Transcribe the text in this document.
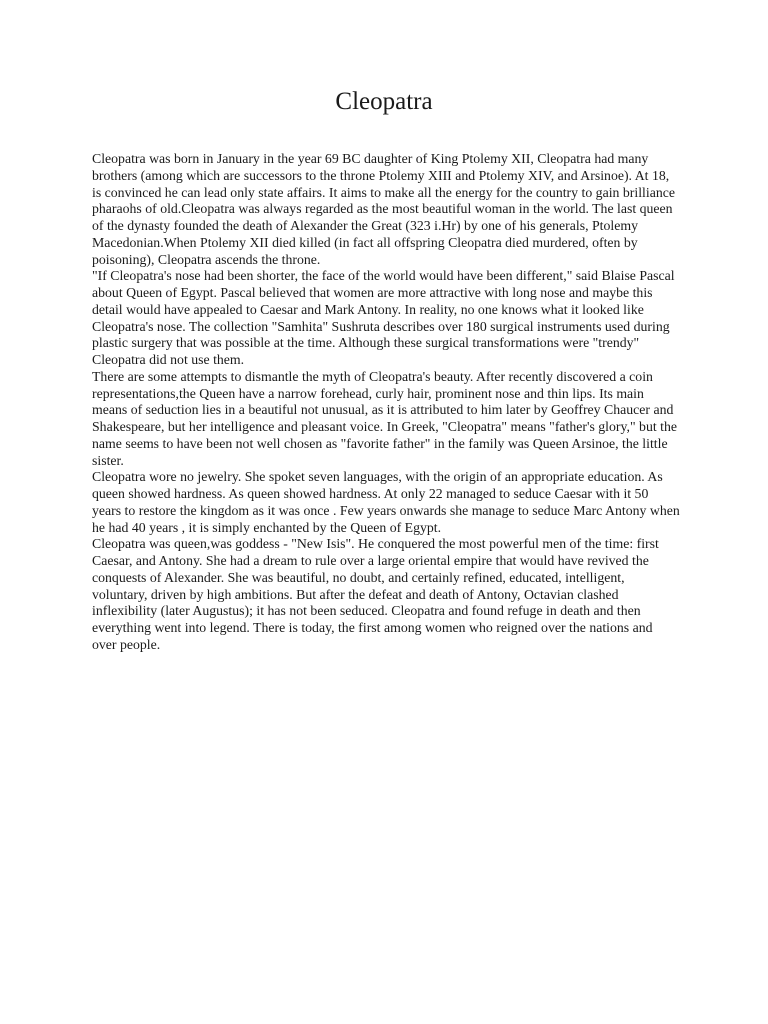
Cleopatra

Cleopatra was born in January in the year 69 BC daughter of King Ptolemy XII, Cleopatra had many brothers (among which are successors to the throne Ptolemy XIII and Ptolemy XIV, and Arsinoe). At 18, is convinced he can lead only state affairs. It aims to make all the energy for the country to gain brilliance pharaohs of old.Cleopatra was always regarded as the most beautiful woman in the world. The last queen of the dynasty founded the death of Alexander the Great (323 i.Hr) by one of his generals, Ptolemy Macedonian.When Ptolemy XII died killed (in fact all offspring Cleopatra died murdered, often by poisoning), Cleopatra ascends the throne.

"If Cleopatra's nose had been shorter, the face of the world would have been different," said Blaise Pascal about Queen of Egypt. Pascal believed that women are more attractive with long nose and maybe this detail would have appealed to Caesar and Mark Antony. In reality, no one knows what it looked like Cleopatra's nose. The collection "Samhita" Sushruta describes over 180 surgical instruments used during plastic surgery that was possible at the time. Although these surgical transformations were "trendy" Cleopatra did not use them.

There are some attempts to dismantle the myth of Cleopatra's beauty. After recently discovered a coin representations,the Queen have a narrow forehead, curly hair, prominent nose and thin lips. Its main means of seduction lies in a beautiful not unusual, as it is attributed to him later by Geoffrey Chaucer and Shakespeare, but her intelligence and pleasant voice. In Greek, "Cleopatra" means "father's glory," but the name seems to have been not well chosen as "favorite father" in the family was Queen Arsinoe, the little sister.

Cleopatra wore no jewelry. She spoket seven languages, with the origin of an appropriate education. As queen showed hardness. As queen showed hardness. At only 22 managed to seduce Caesar with it 50 years to restore the kingdom as it was once . Few years onwards she manage to seduce Marc Antony when he had 40 years , it is simply enchanted by the Queen of Egypt.

Cleopatra was queen,was goddess - "New Isis". He conquered the most powerful men of the time: first Caesar, and Antony. She had a dream to rule over a large oriental empire that would have revived the conquests of Alexander. She was beautiful, no doubt, and certainly refined, educated, intelligent, voluntary, driven by high ambitions. But after the defeat and death of Antony, Octavian clashed inflexibility (later Augustus); it has not been seduced. Cleopatra and found refuge in death and then everything went into legend. There is today, the first among women who reigned over the nations and over people.
